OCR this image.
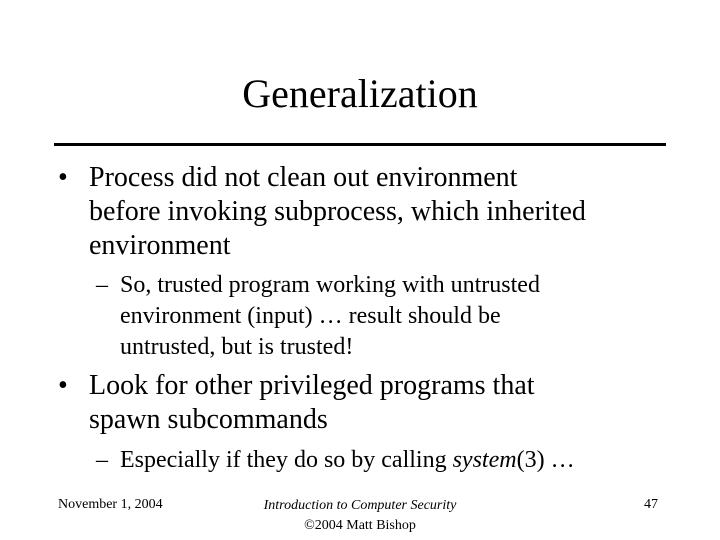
Generalization
• Process did not clean out environment
before invoking subprocess, which inherited
environment
– So, trusted program working with untrusted
environment (input) … result should be
untrusted, but is trusted!
• Look for other privileged programs that
spawn subcommands
– Especially if they do so by calling system(3) …
November 1, 2004	Introduction to Computer Security
©2004 Matt Bishop
47
